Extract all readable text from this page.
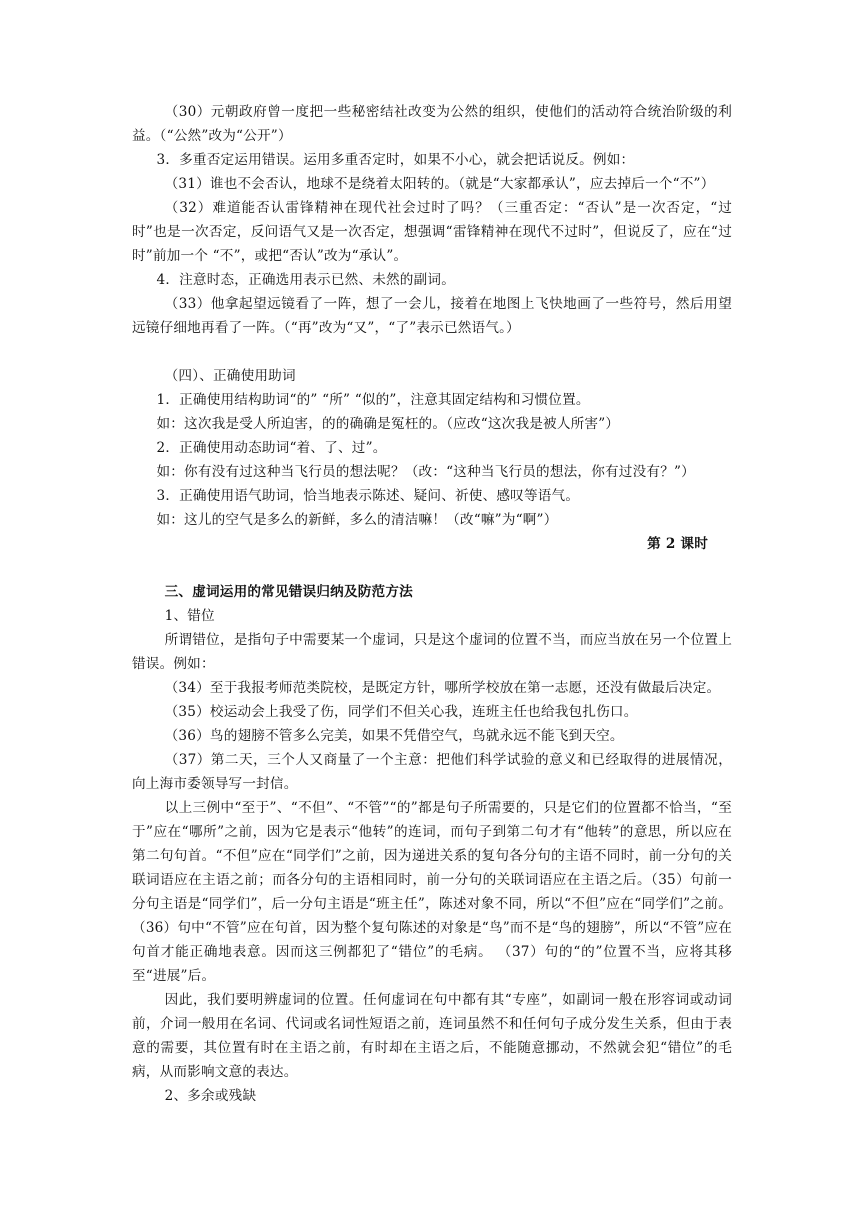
（30）元朝政府曾一度把一些秘密结社改变为公然的组织，使他们的活动符合统治阶级的利益。（“公然”改为“公开”）

3．多重否定运用错误。运用多重否定时，如果不小心，就会把话说反。例如：

（31）谁也不会否认，地球不是绕着太阳转的。（就是“大家都承认”，应去掉后一个“不”）

（32）难道能否认雷锋精神在现代社会过时了吗？（三重否定：“否认”是一次否定，“过时”也是一次否定，反问语气又是一次否定，想强调“雷锋精神在现代不过时”，但说反了，应在“过时”前加一个 “不”，或把“否认”改为“承认”。

4．注意时态，正确选用表示已然、未然的副词。

（33）他拿起望远镜看了一阵，想了一会儿，接着在地图上飞快地画了一些符号，然后用望远镜仔细地再看了一阵。（“再”改为“又”，“了”表示已然语气。）

（四）、正确使用助词

1．正确使用结构助词“的” “所” “似的”，注意其固定结构和习惯位置。

如：这次我是受人所迫害，的的确确是冤枉的。（应改“这次我是被人所害”）

2．正确使用动态助词“着、了、过”。

如：你有没有过这种当飞行员的想法呢？（改：“这种当飞行员的想法，你有过没有？”）

3．正确使用语气助词，恰当地表示陈述、疑问、祈使、感叹等语气。

如：这儿的空气是多么的新鲜，多么的清洁嘛！（改“嘛”为“啊”）

第 2 课时

三、虚词运用的常见错误归纳及防范方法

1、错位

所谓错位，是指句子中需要某一个虚词，只是这个虚词的位置不当，而应当放在另一个位置上错误。例如：

（34）至于我报考师范类院校，是既定方针，哪所学校放在第一志愿，还没有做最后决定。

（35）校运动会上我受了伤，同学们不但关心我，连班主任也给我包扎伤口。

（36）鸟的翅膀不管多么完美，如果不凭借空气，鸟就永远不能飞到天空。

（37）第二天，三个人又商量了一个主意：把他们科学试验的意义和已经取得的进展情况，向上海市委领导写一封信。

以上三例中“至于”、“不但”、“不管”“的”都是句子所需要的，只是它们的位置都不恰当，“至于”应在“哪所”之前，因为它是表示“他转”的连词，而句子到第二句才有“他转”的意思，所以应在第二句句首。“不但”应在“同学们”之前，因为递进关系的复句各分句的主语不同时，前一分句的关联词语应在主语之前；而各分句的主语相同时，前一分句的关联词语应在主语之后。（35）句前一分句主语是“同学们”，后一分句主语是“班主任”，陈述对象不同，所以“不但”应在“同学们”之前。（36）句中“不管”应在句首，因为整个复句陈述的对象是“鸟”而不是“鸟的翅膀”，所以“不管”应在句首才能正确地表意。因而这三例都犯了“错位”的毛病。 （37）句的“的”位置不当，应将其移至“进展”后。

因此，我们要明辨虚词的位置。任何虚词在句中都有其“专座”，如副词一般在形容词或动词前，介词一般用在名词、代词或名词性短语之前，连词虽然不和任何句子成分发生关系，但由于表意的需要，其位置有时在主语之前，有时却在主语之后，不能随意挪动，不然就会犯“错位”的毛病，从而影响文意的表达。

2、多余或残缺
